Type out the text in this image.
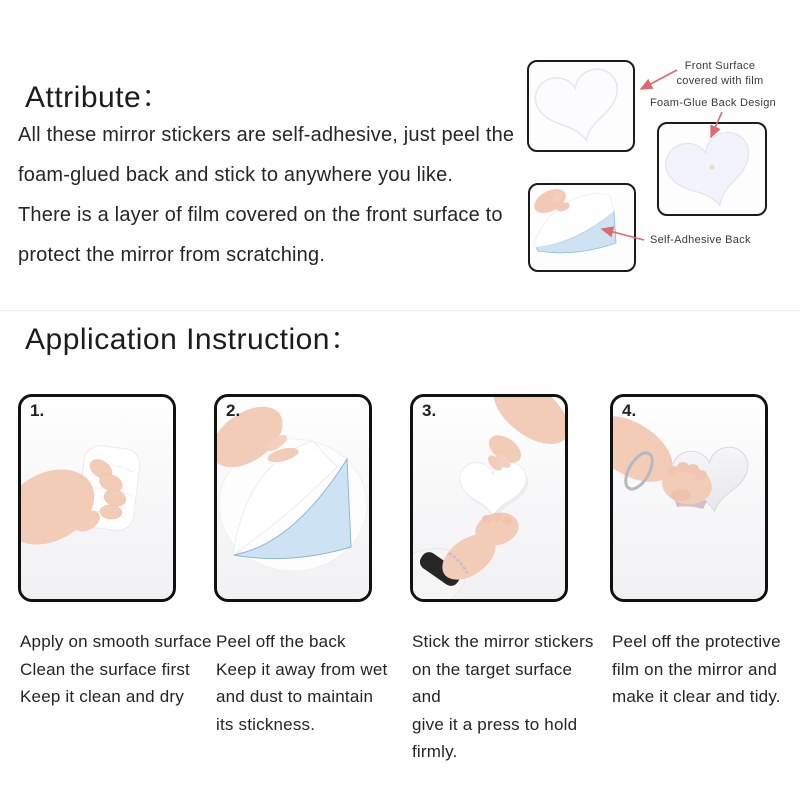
Attribute：

All these mirror stickers are self-adhesive, just peel the

foam-glued back and stick to anywhere you like.

There is a layer of film covered on the front surface to

protect the mirror from scratching.

Front Surface
covered with film
Foam-Glue Back Design
Self-Adhesive Back
Application Instruction：
1.

Apply on smooth surface

Clean the surface first

Keep it clean and dry

2.

Peel off the back

Keep it away from wet

and dust to maintain

its stickness.

3.

Stick the mirror stickers

on the target surface and

give it a press to hold firmly.

4.

Peel off the protective

film on the mirror and

make it clear and tidy.
